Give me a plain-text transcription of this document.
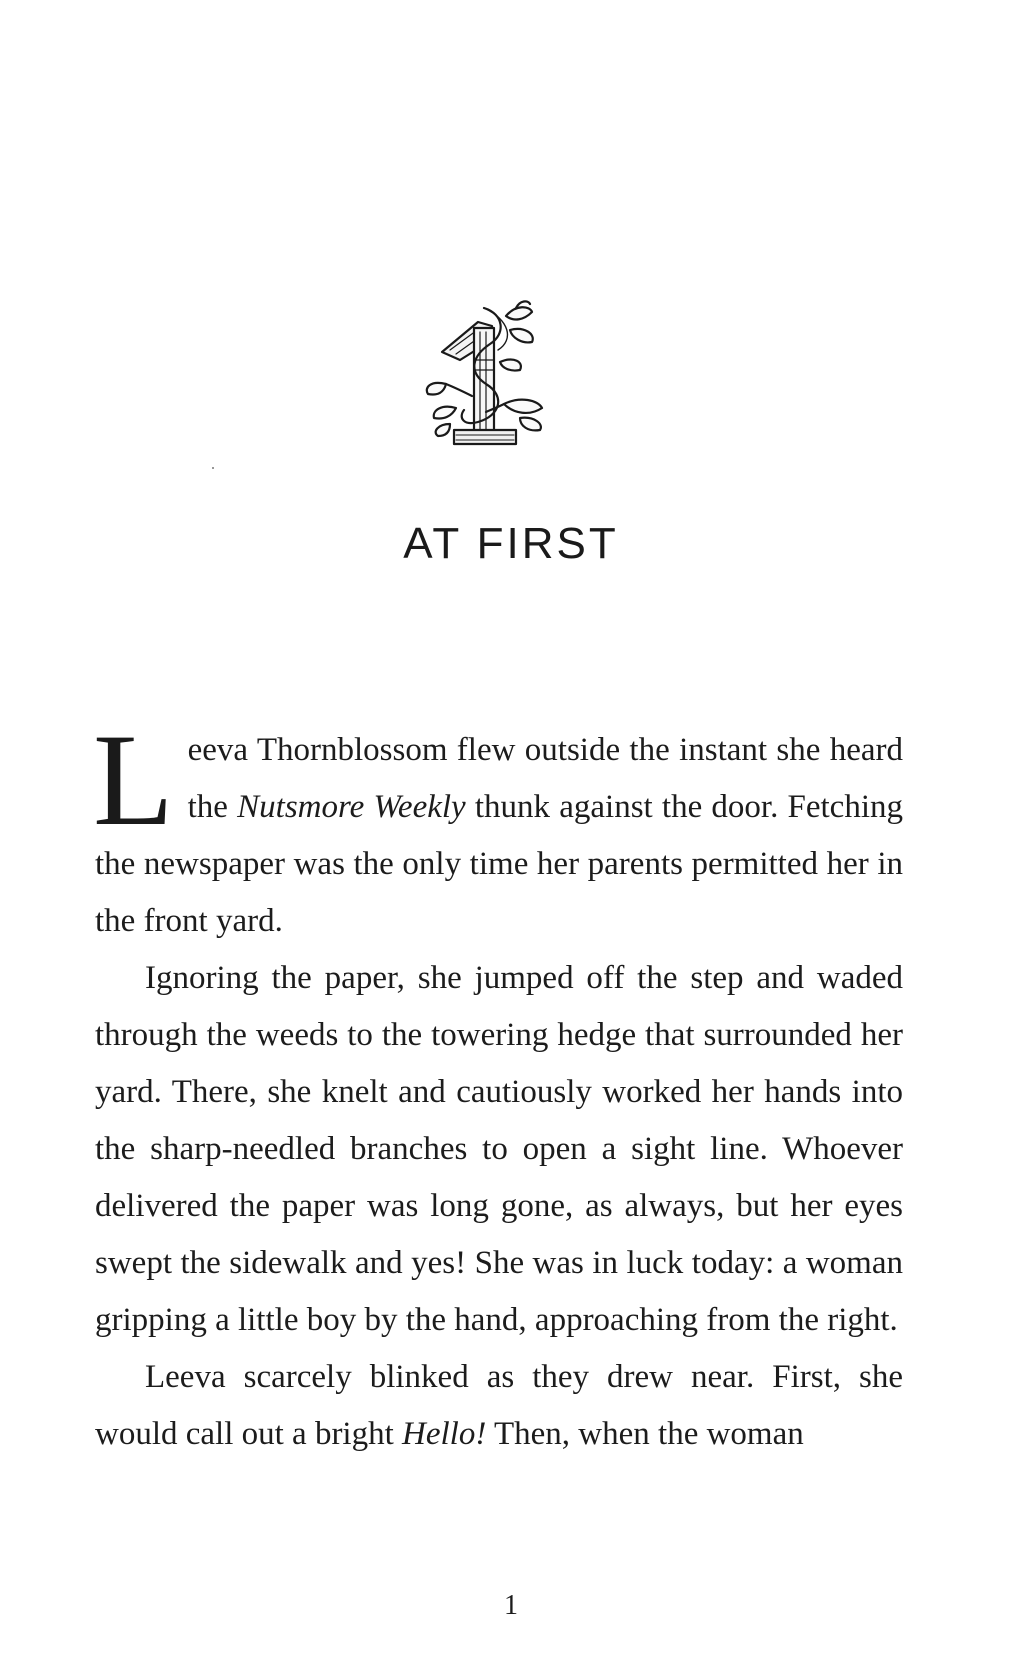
AT FIRST

Leeva Thornblossom flew outside the instant she heard the Nutsmore Weekly thunk against the door. Fetching the newspaper was the only time her parents permitted her in the front yard.

Ignoring the paper, she jumped off the step and waded through the weeds to the towering hedge that surrounded her yard. There, she knelt and cautiously worked her hands into the sharp-needled branches to open a sight line. Whoever delivered the paper was long gone, as always, but her eyes swept the sidewalk and yes! She was in luck today: a woman gripping a little boy by the hand, approaching from the right.

Leeva scarcely blinked as they drew near. First, she would call out a bright Hello! Then, when the woman

1
